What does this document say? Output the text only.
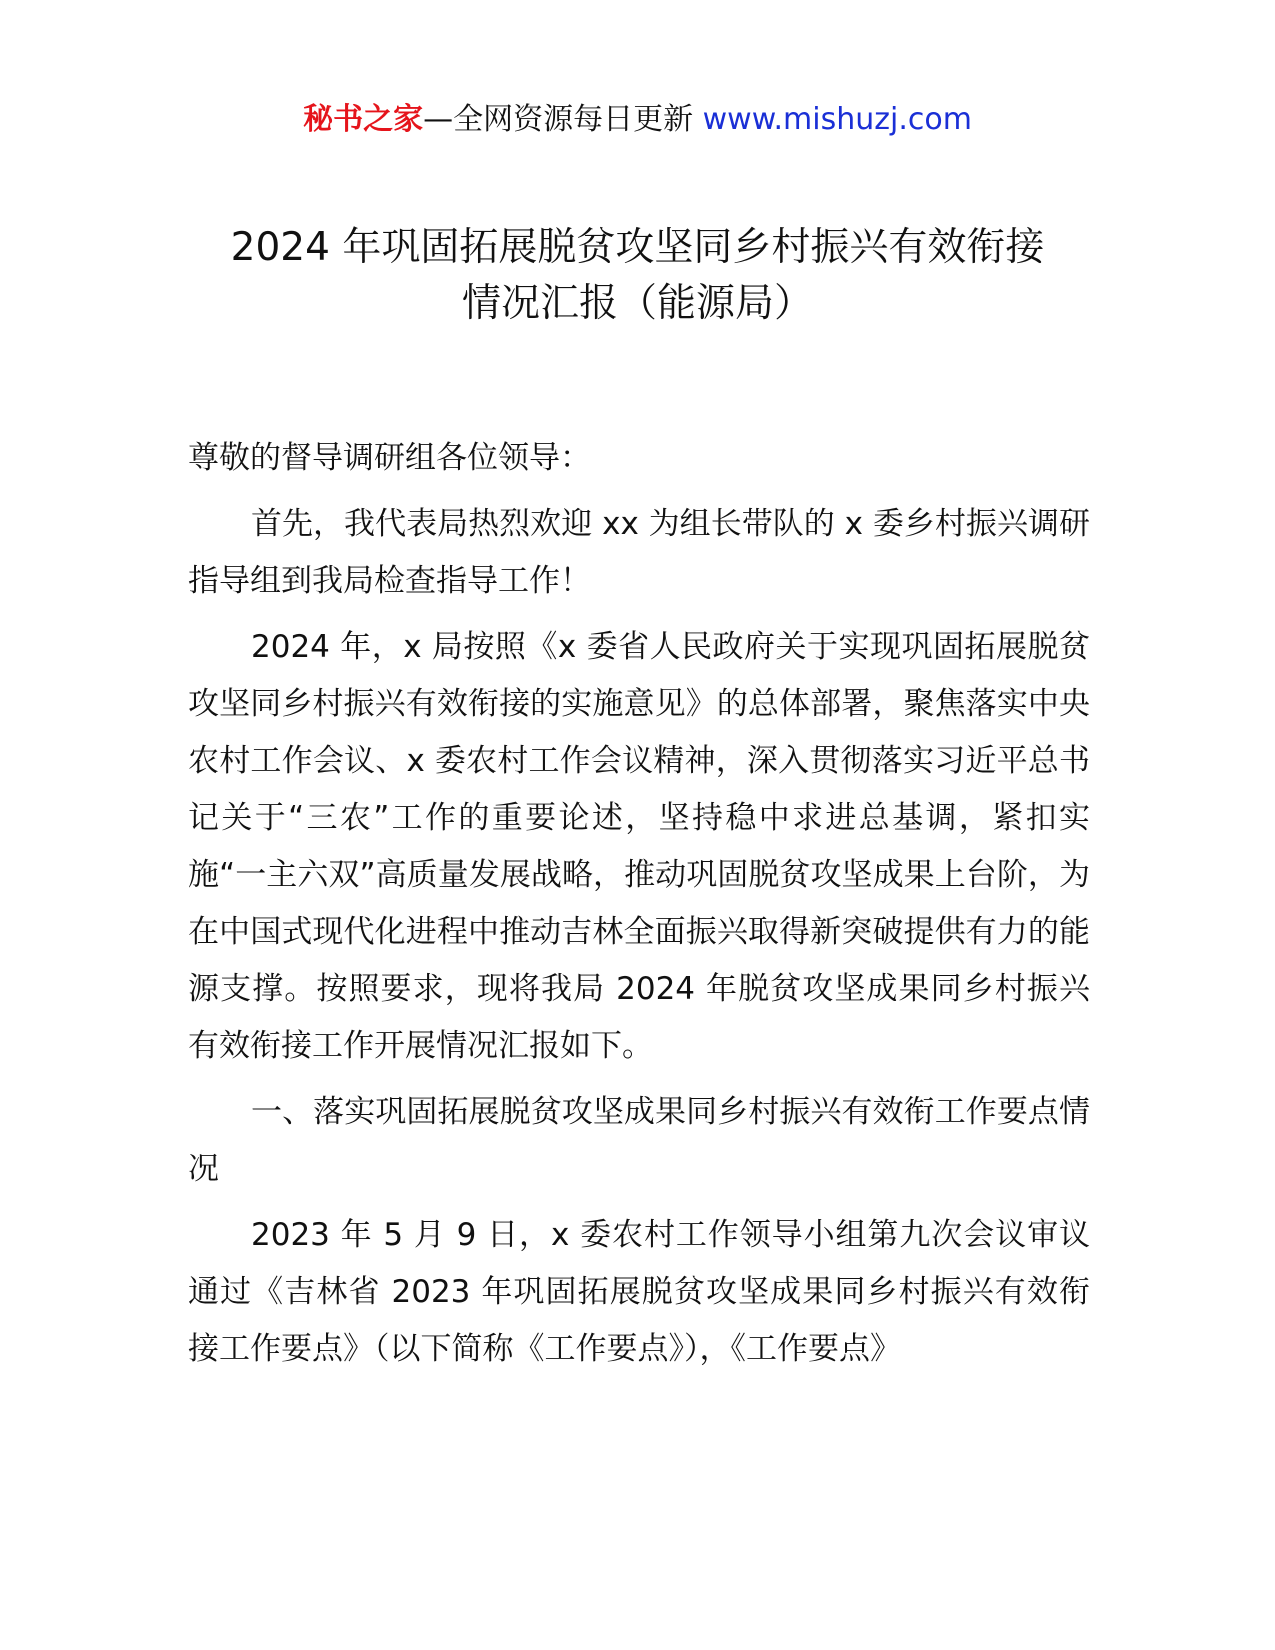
秘书之家—全网资源每日更新 www.mishuzj.com
2024 年巩固拓展脱贫攻坚同乡村振兴有效衔接
情况汇报（能源局）

尊敬的督导调研组各位领导：

首先，我代表局热烈欢迎 xx 为组长带队的 x 委乡村振兴调研指导组到我局检查指导工作！

2024 年，x 局按照《x 委省人民政府关于实现巩固拓展脱贫攻坚同乡村振兴有效衔接的实施意见》的总体部署，聚焦落实中央农村工作会议、x 委农村工作会议精神，深入贯彻落实习近平总书记关于“三农”工作的重要论述，坚持稳中求进总基调，紧扣实施“一主六双”高质量发展战略，推动巩固脱贫攻坚成果上台阶，为在中国式现代化进程中推动吉林全面振兴取得新突破提供有力的能源支撑。按照要求，现将我局 2024 年脱贫攻坚成果同乡村振兴有效衔接工作开展情况汇报如下。

一、落实巩固拓展脱贫攻坚成果同乡村振兴有效衔工作要点情况

2023 年 5 月 9 日，x 委农村工作领导小组第九次会议审议通过《吉林省 2023 年巩固拓展脱贫攻坚成果同乡村振兴有效衔接工作要点》（以下简称《工作要点》），《工作要点》
